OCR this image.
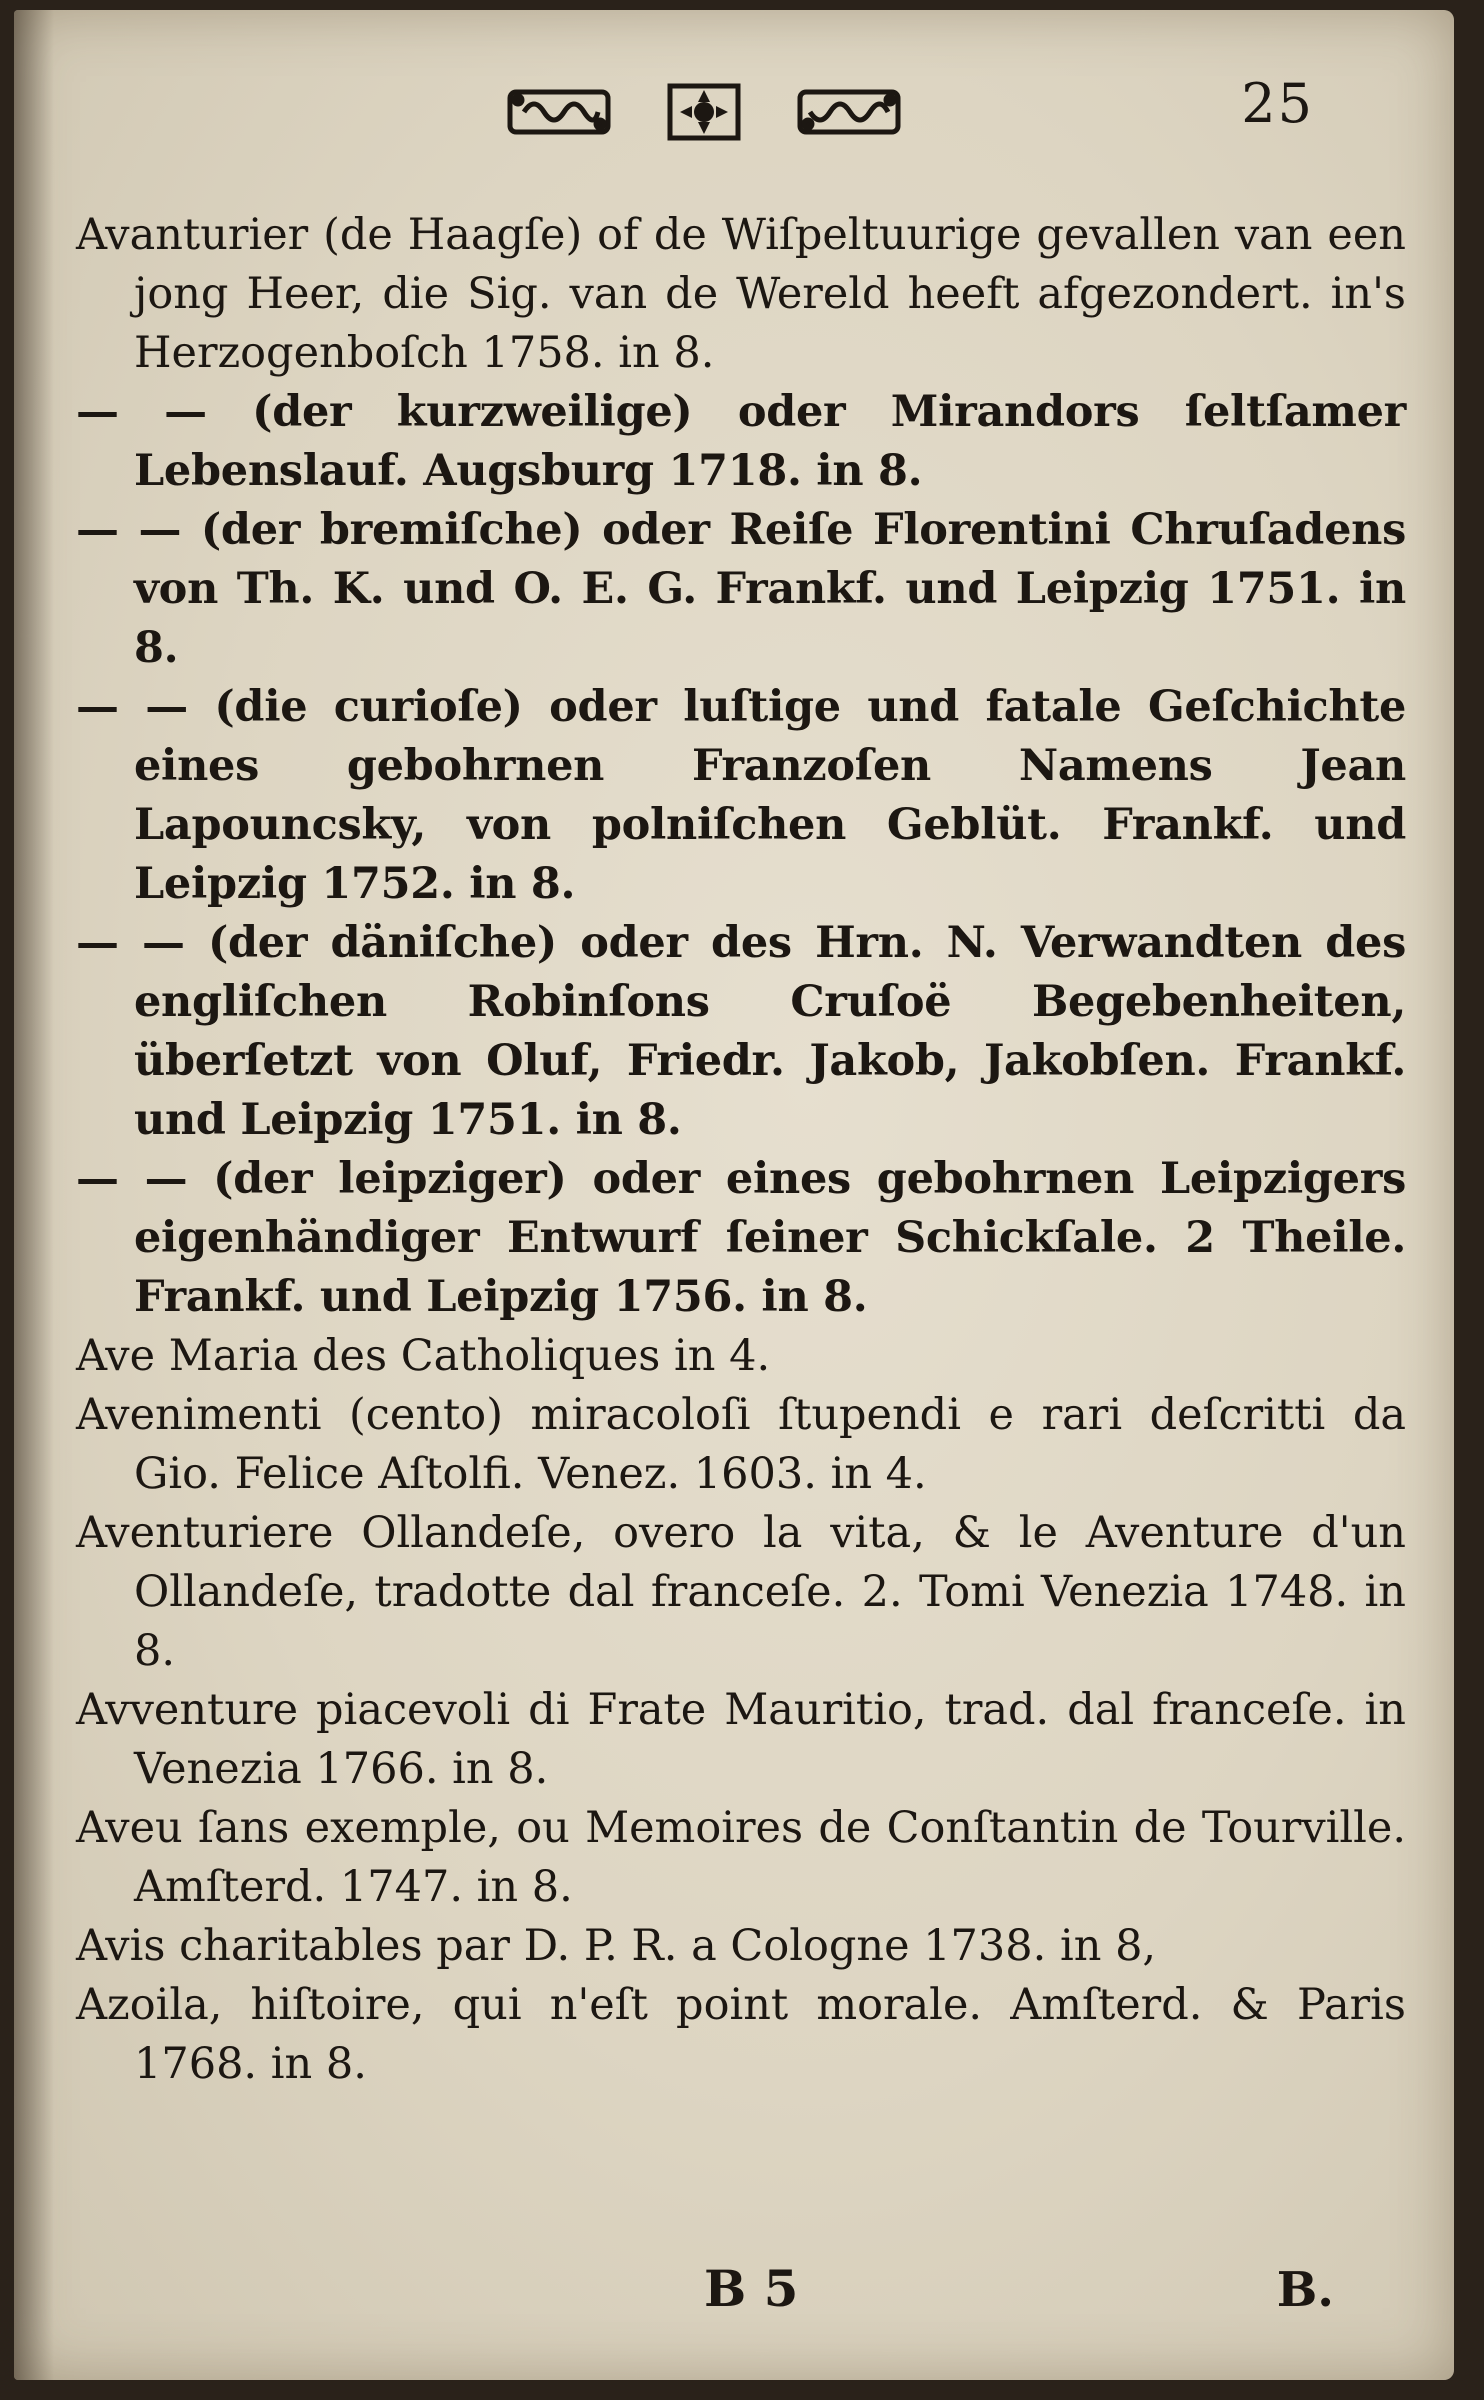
25

Avanturier (de Haagſe) of de Wiſpeltuurige gevallen van een jong Heer, die Sig. van de Wereld heeft afgezondert. in's Herzogenboſch 1758. in 8.

— — (der kurzweilige) oder Mirandors ſeltſamer Lebenslauf. Augsburg 1718. in 8.

— — (der bremiſche) oder Reiſe Florentini Chruſadens von Th. K. und O. E. G. Frankf. und Leipzig 1751. in 8.

— — (die curioſe) oder luſtige und fatale Geſchichte eines gebohrnen Franzoſen Namens Jean Lapouncsky, von polniſchen Geblüt. Frankf. und Leipzig 1752. in 8.

— — (der däniſche) oder des Hrn. N. Verwandten des engliſchen Robinſons Cruſoë Begebenheiten, überſetzt von Oluf, Friedr. Jakob, Jakobſen. Frankf. und Leipzig 1751. in 8.

— — (der leipziger) oder eines gebohrnen Leipzigers eigenhändiger Entwurf ſeiner Schickſale. 2 Theile. Frankf. und Leipzig 1756. in 8.

Ave Maria des Catholiques in 4.

Avenimenti (cento) miracoloſi ſtupendi e rari deſcritti da Gio. Felice Aſtolfi. Venez. 1603. in 4.

Aventuriere Ollandeſe, overo la vita, & le Aventure d'un Ollandeſe, tradotte dal franceſe. 2. Tomi Venezia 1748. in 8.

Avventure piacevoli di Frate Mauritio, trad. dal franceſe. in Venezia 1766. in 8.

Aveu ſans exemple, ou Memoires de Conſtantin de Tourville. Amſterd. 1747. in 8.

Avis charitables par D. P. R. a Cologne 1738. in 8,

Azoila, hiſtoire, qui n'eſt point morale. Amſterd. & Paris 1768. in 8.

B 5	B.
